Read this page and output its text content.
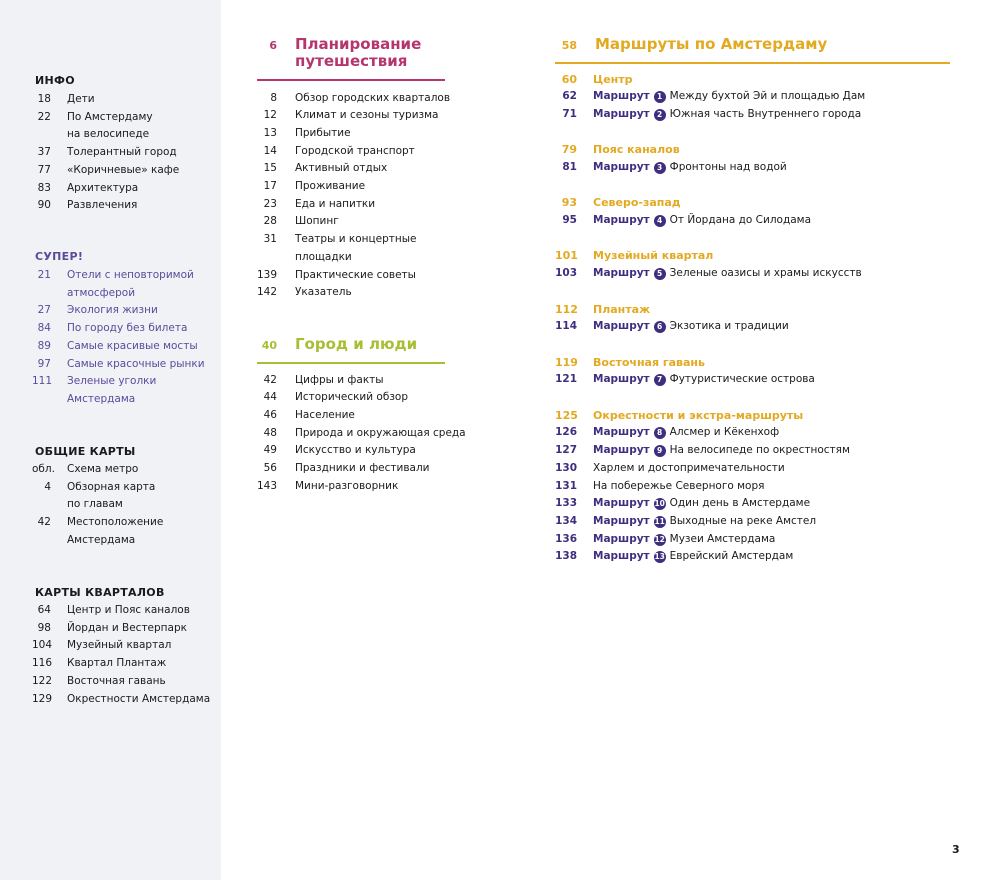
ИНФО
18 Дети
22 По Амстердаму
на велосипеде
37 Толерантный город
77 «Коричневые» кафе
83 Архитектура
90 Развлечения
СУПЕР!
21 Отели с неповторимой
атмосферой
27 Экология жизни
84 По городу без билета
89 Самые красивые мосты
97 Самые красочные рынки
111 Зеленые уголки
Амстердама
ОБЩИЕ КАРТЫ
обл. Схема метро
4 Обзорная карта
по главам
42 Местоположение
Амстердама
КАРТЫ КВАРТАЛОВ
64 Центр и Пояс каналов
98 Йордан и Вестерпарк
104 Музейный квартал
116 Квартал Плантаж
122 Восточная гавань
129 Окрестности Амстердама
6 Планирование
путешествия
8 Обзор городских кварталов
12 Климат и сезоны туризма
13 Прибытие
14 Городской транспорт
15 Активный отдых
17 Проживание
23 Еда и напитки
28 Шопинг
31 Театры и концертные
площадки
139 Практические советы
142 Указатель
40 Город и люди
42 Цифры и факты
44 Исторический обзор
46 Население
48 Природа и окружающая среда
49 Искусство и культура
56 Праздники и фестивали
143 Мини-разговорник
58 Маршруты по Амстердаму
60 Центр
62 Маршрут 1 Между бухтой Эй и площадью Дам
71 Маршрут 2 Южная часть Внутреннего города
79 Пояс каналов
81 Маршрут 3 Фронтоны над водой
93 Северо-запад
95 Маршрут 4 От Йордана до Силодама
101 Музейный квартал
103 Маршрут 5 Зеленые оазисы и храмы искусств
112 Плантаж
114 Маршрут 6 Экзотика и традиции
119 Восточная гавань
121 Маршрут 7 Футуристические острова
125 Окрестности и экстра-маршруты
126 Маршрут 8 Алсмер и Кёкенхоф
127 Маршрут 9 На велосипеде по окрестностям
130 Харлем и достопримечательности
131 На побережье Северного моря
133 Маршрут 10 Один день в Амстердаме
134 Маршрут 11 Выходные на реке Амстел
136 Маршрут 12 Музеи Амстердама
138 Маршрут 13 Еврейский Амстердам
3
